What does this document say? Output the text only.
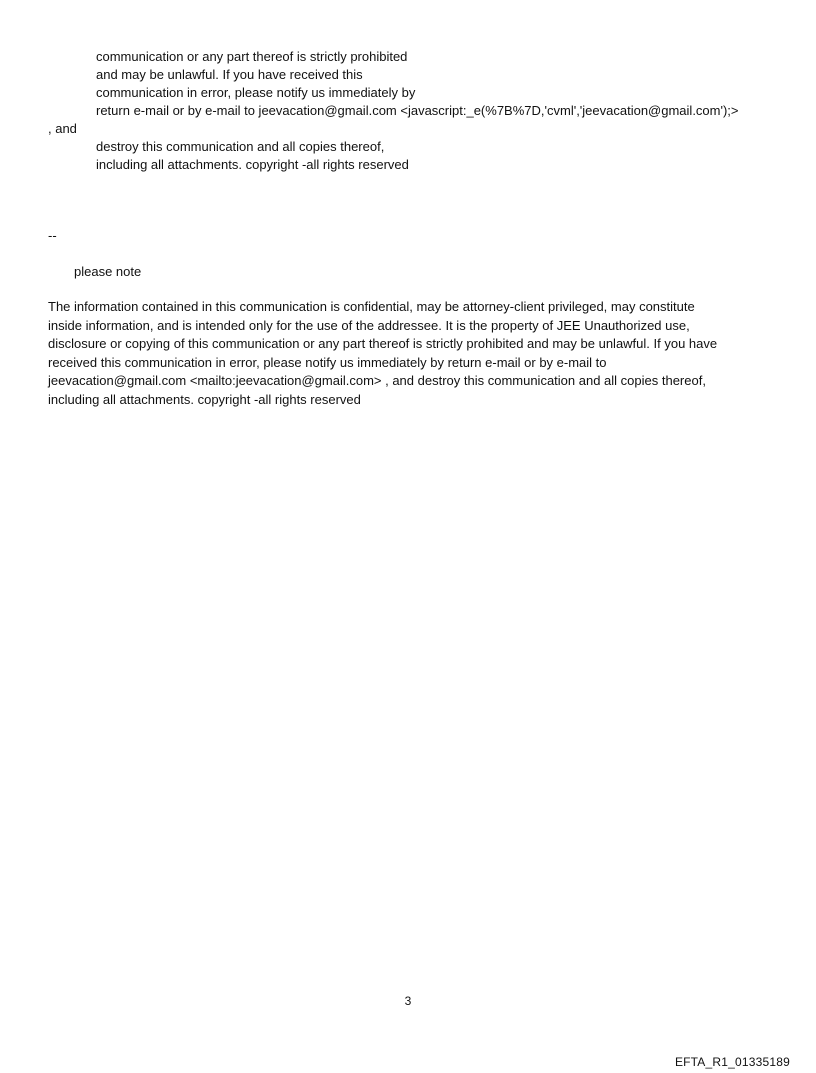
communication or any part thereof is strictly prohibited
and may be unlawful. If you have received this
communication in error, please notify us immediately by
return e-mail or by e-mail to jeevacation@gmail.com <javascript:_e(%7B%7D,'cvml','jeevacation@gmail.com');>
, and
destroy this communication and all copies thereof,
including all attachments. copyright -all rights reserved
--
please note
The information contained in this communication is confidential, may be attorney-client privileged, may constitute
inside information, and is intended only for the use of the addressee. It is the property of JEE Unauthorized use,
disclosure or copying of this communication or any part thereof is strictly prohibited and may be unlawful. If you have
received this communication in error, please notify us immediately by return e-mail or by e-mail to
jeevacation@gmail.com <mailto:jeevacation@gmail.com> , and destroy this communication and all copies thereof,
including all attachments. copyright -all rights reserved
3
EFTA_R1_01335189
